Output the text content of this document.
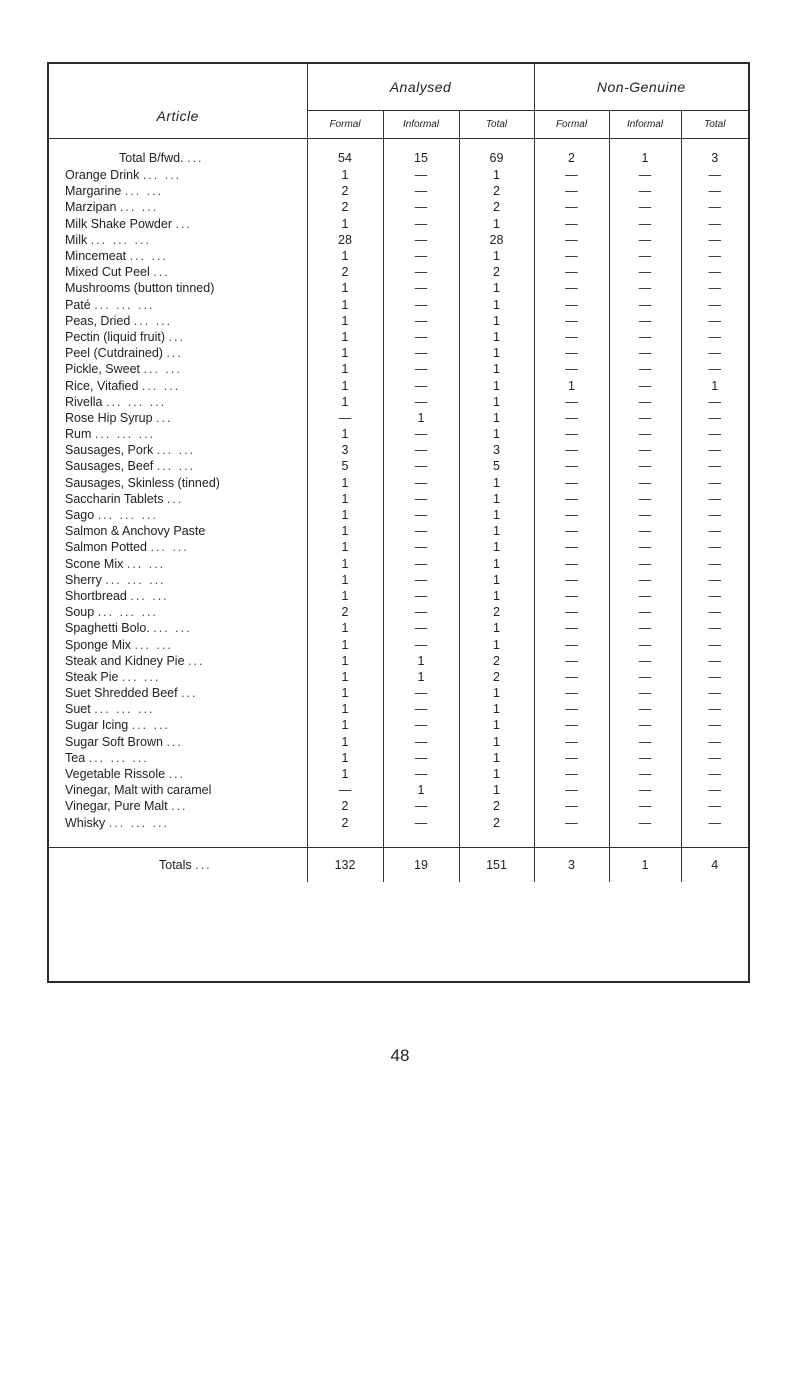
Article	Analysed			Non-Genuine		
	Formal	Informal	Total	Formal	Informal	Total

Total B/fwd. ...	54	15	69	2	1	3
Orange Drink ... ...	1	—	1	—	—	—
Margarine ... ...	2	—	2	—	—	—
Marzipan ... ...	2	—	2	—	—	—
Milk Shake Powder ...	1	—	1	—	—	—
Milk ... ... ...	28	—	28	—	—	—
Mincemeat ... ...	1	—	1	—	—	—
Mixed Cut Peel ...	2	—	2	—	—	—
Mushrooms (button tinned)	1	—	1	—	—	—
Paté ... ... ...	1	—	1	—	—	—
Peas, Dried ... ...	1	—	1	—	—	—
Pectin (liquid fruit) ...	1	—	1	—	—	—
Peel (Cutdrained) ...	1	—	1	—	—	—
Pickle, Sweet ... ...	1	—	1	—	—	—
Rice, Vitafied ... ...	1	—	1	1	—	1
Rivella ... ... ...	1	—	1	—	—	—
Rose Hip Syrup ...	—	1	1	—	—	—
Rum ... ... ...	1	—	1	—	—	—
Sausages, Pork ... ...	3	—	3	—	—	—
Sausages, Beef ... ...	5	—	5	—	—	—
Sausages, Skinless (tinned)	1	—	1	—	—	—
Saccharin Tablets ...	1	—	1	—	—	—
Sago ... ... ...	1	—	1	—	—	—
Salmon & Anchovy Paste	1	—	1	—	—	—
Salmon Potted ... ...	1	—	1	—	—	—
Scone Mix ... ...	1	—	1	—	—	—
Sherry ... ... ...	1	—	1	—	—	—
Shortbread ... ...	1	—	1	—	—	—
Soup ... ... ...	2	—	2	—	—	—
Spaghetti Bolo. ... ...	1	—	1	—	—	—
Sponge Mix ... ...	1	—	1	—	—	—
Steak and Kidney Pie ...	1	1	2	—	—	—
Steak Pie ... ...	1	1	2	—	—	—
Suet Shredded Beef ...	1	—	1	—	—	—
Suet ... ... ...	1	—	1	—	—	—
Sugar Icing ... ...	1	—	1	—	—	—
Sugar Soft Brown ...	1	—	1	—	—	—
Tea ... ... ...	1	—	1	—	—	—
Vegetable Rissole ...	1	—	1	—	—	—
Vinegar, Malt with caramel	—	1	1	—	—	—
Vinegar, Pure Malt ...	2	—	2	—	—	—
Whisky ... ... ...	2	—	2	—	—	—

Totals ...	132	19	151	3	1	4
48
